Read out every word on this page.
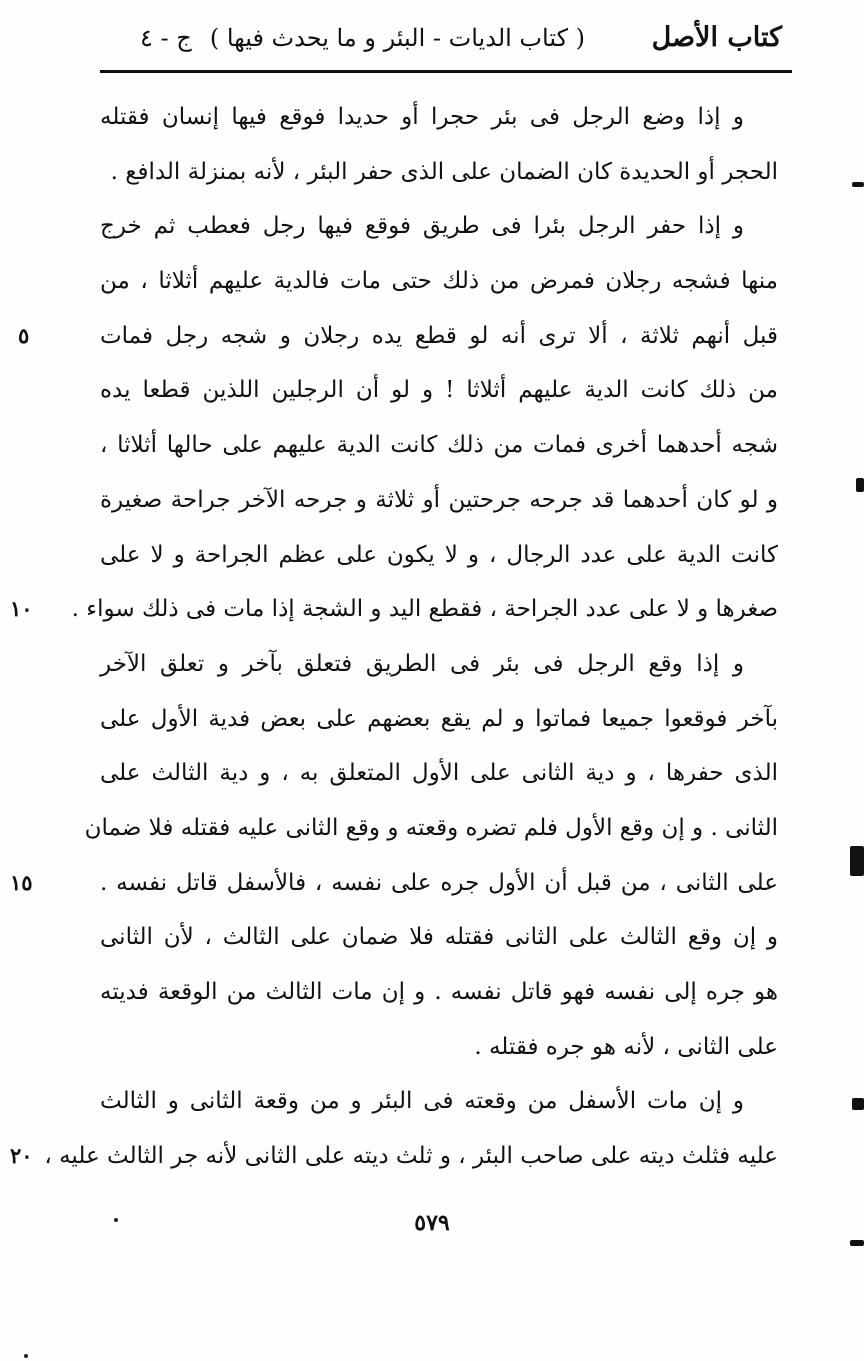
كتاب الأصل
( كتاب الديات - البئر و ما يحدث فيها )
ج - ٤
و إذا وضع الرجل فى بئر حجرا أو حديدا فوقع فيها إنسان فقتله
الحجر أو الحديدة كان الضمان على الذى حفر البئر ، لأنه بمنزلة الدافع .
و إذا حفر الرجل بئرا فى طريق فوقع فيها رجل فعطب ثم خرج
منها فشجه رجلان فمرض من ذلك حتى مات فالدية عليهم أثلاثا ، من
قبل أنهم ثلاثة ، ألا ترى أنه لو قطع يده رجلان و شجه رجل فمات
٥
من ذلك كانت الدية عليهم أثلاثا ! و لو أن الرجلين اللذين قطعا يده
شجه أحدهما أخرى فمات من ذلك كانت الدية عليهم على حالها أثلاثا ،
و لو كان أحدهما قد جرحه جرحتين أو ثلاثة و جرحه الآخر جراحة صغيرة
كانت الدية على عدد الرجال ، و لا يكون على عظم الجراحة و لا على
صغرها و لا على عدد الجراحة ، فقطع اليد و الشجة إذا مات فى ذلك سواء .
١٠
و إذا وقع الرجل فى بئر فى الطريق فتعلق بآخر و تعلق الآخر
بآخر فوقعوا جميعا فماتوا و لم يقع بعضهم على بعض فدية الأول على
الذى حفرها ، و دية الثانى على الأول المتعلق به ، و دية الثالث على
الثانى . و إن وقع الأول فلم تضره وقعته و وقع الثانى عليه فقتله فلا ضمان
على الثانى ، من قبل أن الأول جره على نفسه ، فالأسفل قاتل نفسه .
١٥
و إن وقع الثالث على الثانى فقتله فلا ضمان على الثالث ، لأن الثانى
هو جره إلى نفسه فهو قاتل نفسه . و إن مات الثالث من الوقعة فديته
على الثانى ، لأنه هو جره فقتله .
و إن مات الأسفل من وقعته فى البئر و من وقعة الثانى و الثالث
عليه فثلث ديته على صاحب البئر ، و ثلث ديته على الثانى لأنه جر الثالث عليه ،
٢٠
٥٧٩
